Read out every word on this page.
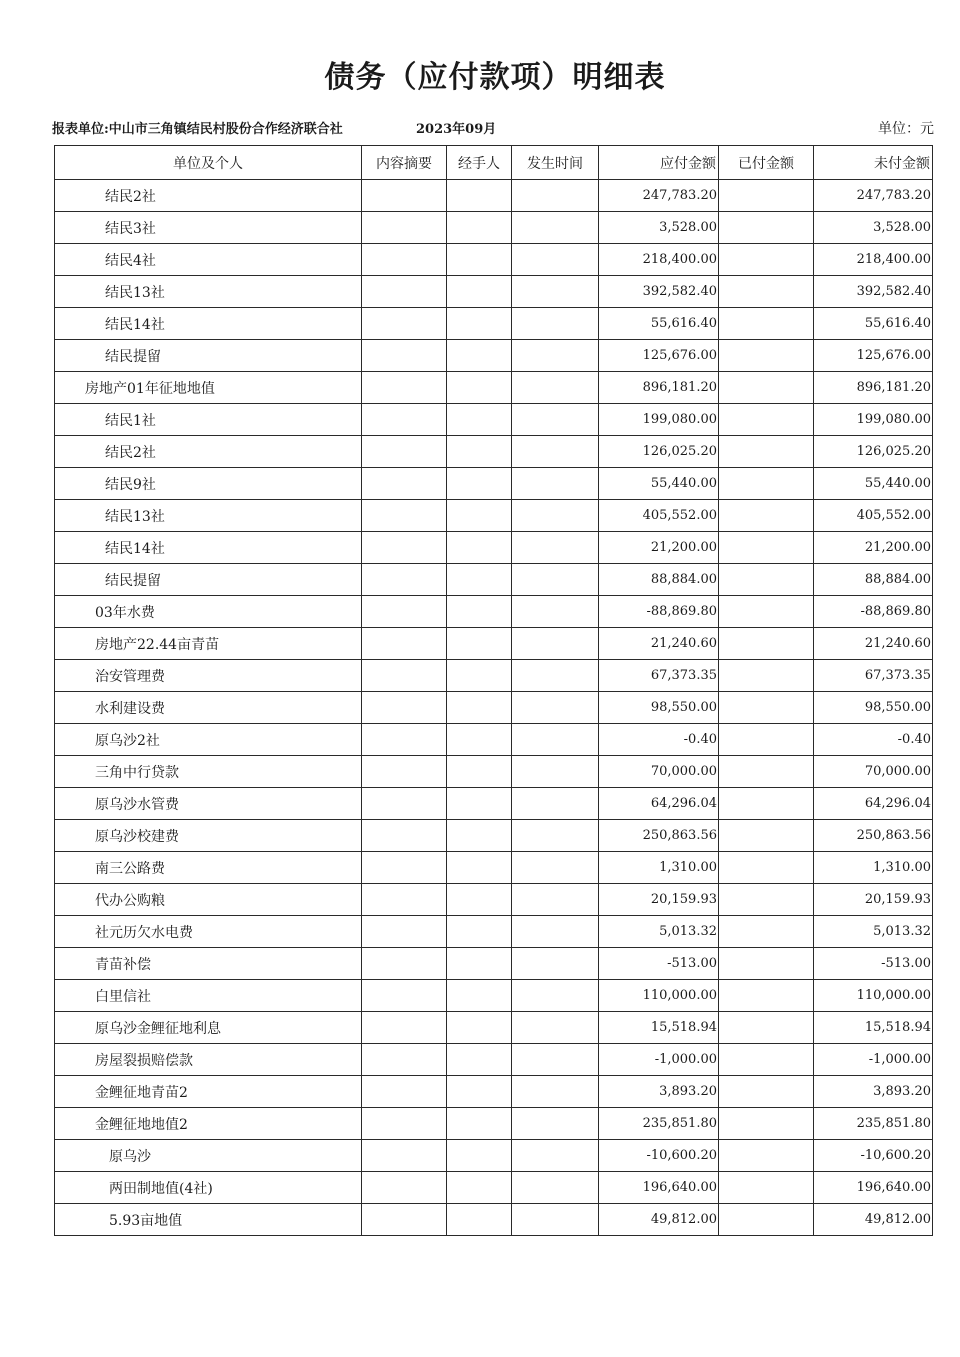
债务（应付款项）明细表
报表单位:中山市三角镇结民村股份合作经济联合社	2023年09月	单位：元
单位及个人	内容摘要	经手人	发生时间	应付金额	已付金额	未付金额
结民2社				247,783.20		247,783.20
结民3社				3,528.00		3,528.00
结民4社				218,400.00		218,400.00
结民13社				392,582.40		392,582.40
结民14社				55,616.40		55,616.40
结民提留				125,676.00		125,676.00
房地产01年征地地值				896,181.20		896,181.20
结民1社				199,080.00		199,080.00
结民2社				126,025.20		126,025.20
结民9社				55,440.00		55,440.00
结民13社				405,552.00		405,552.00
结民14社				21,200.00		21,200.00
结民提留				88,884.00		88,884.00
03年水费				-88,869.80		-88,869.80
房地产22.44亩青苗				21,240.60		21,240.60
治安管理费				67,373.35		67,373.35
水利建设费				98,550.00		98,550.00
原乌沙2社				-0.40		-0.40
三角中行贷款				70,000.00		70,000.00
原乌沙水管费				64,296.04		64,296.04
原乌沙校建费				250,863.56		250,863.56
南三公路费				1,310.00		1,310.00
代办公购粮				20,159.93		20,159.93
社元历欠水电费				5,013.32		5,013.32
青苗补偿				-513.00		-513.00
白里信社				110,000.00		110,000.00
原乌沙金鲤征地利息				15,518.94		15,518.94
房屋裂损赔偿款				-1,000.00		-1,000.00
金鲤征地青苗2				3,893.20		3,893.20
金鲤征地地值2				235,851.80		235,851.80
原乌沙				-10,600.20		-10,600.20
两田制地值(4社)				196,640.00		196,640.00
5.93亩地值				49,812.00		49,812.00
